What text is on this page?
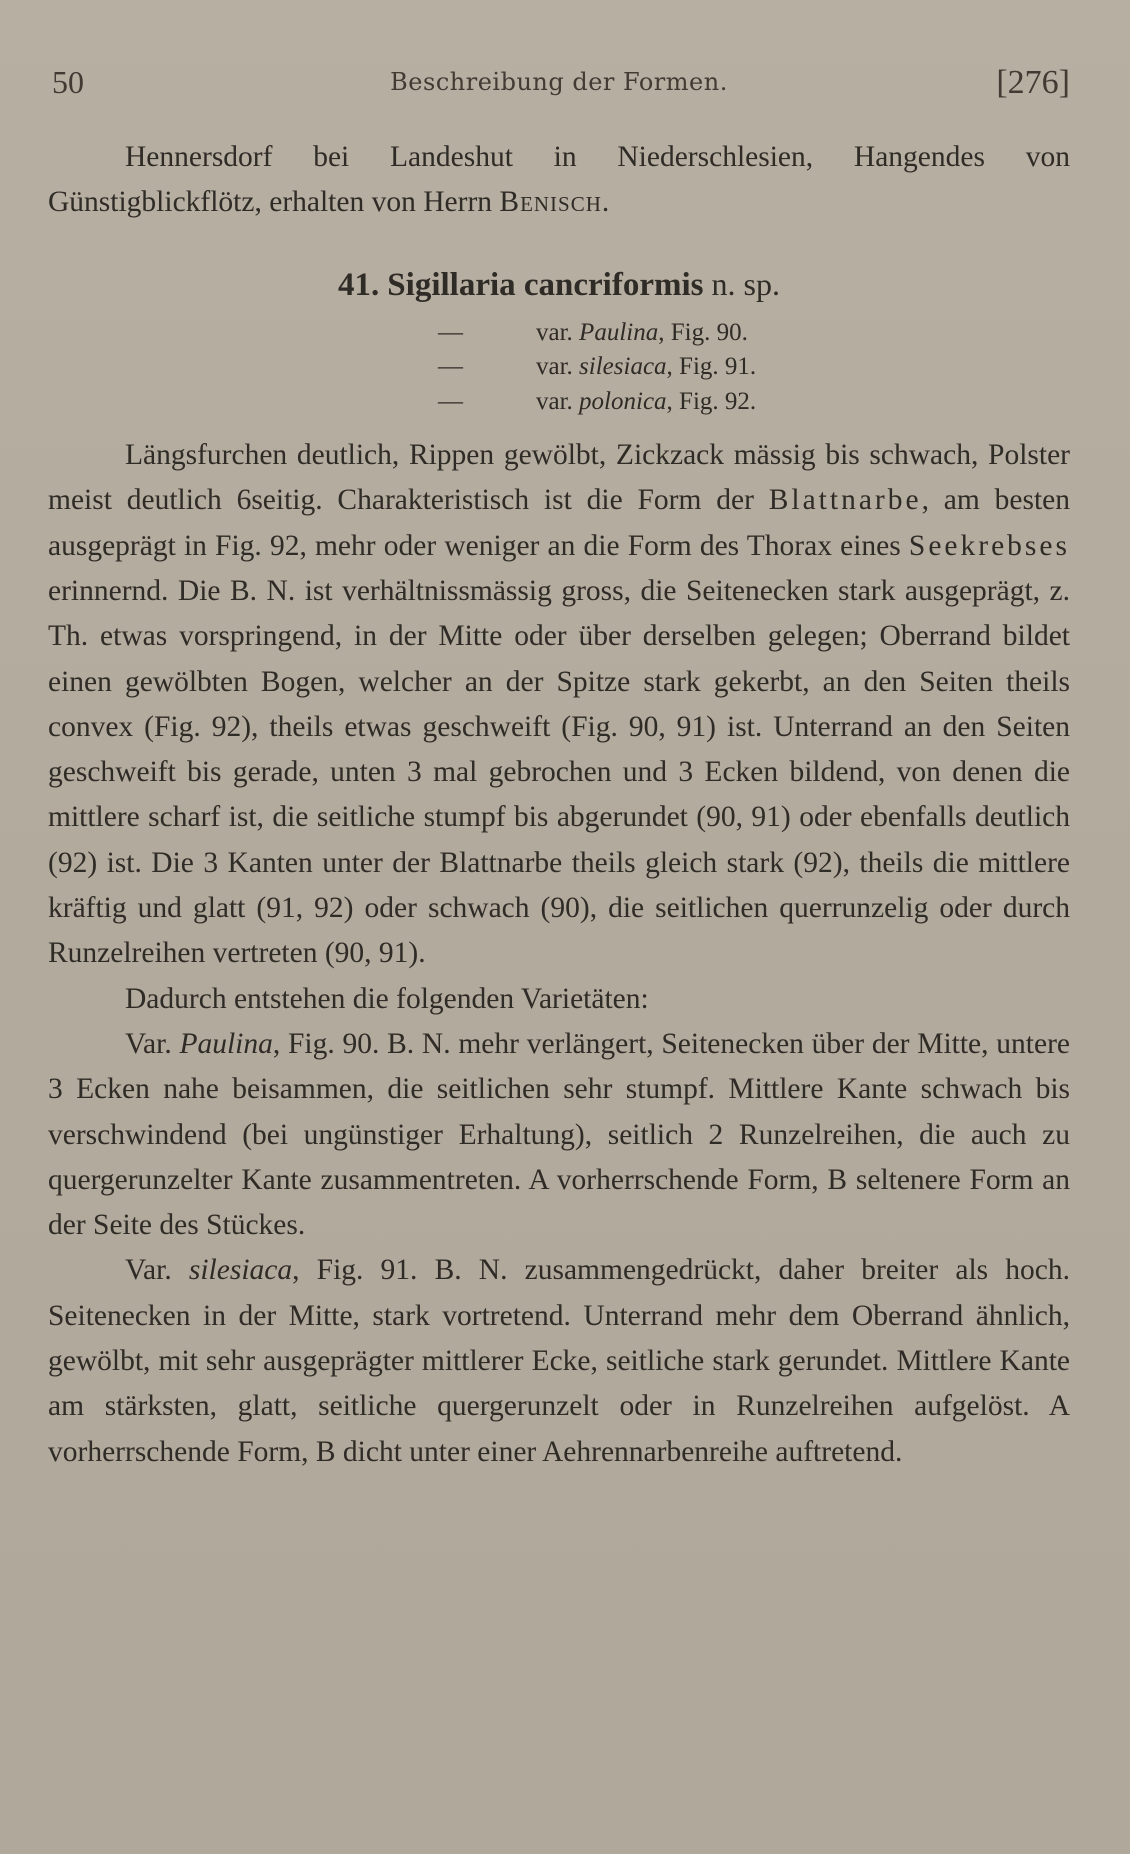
50	Beschreibung der Formen.	[276]

Hennersdorf bei Landeshut in Niederschlesien, Hangendes von Günstigblickflötz, erhalten von Herrn Benisch.

41. Sigillaria cancriformis n. sp.
—	var. Paulina, Fig. 90.
—	var. silesiaca, Fig. 91.
—	var. polonica, Fig. 92.

Längsfurchen deutlich, Rippen gewölbt, Zickzack mässig bis schwach, Polster meist deutlich 6seitig. Charakteristisch ist die Form der Blattnarbe, am besten ausgeprägt in Fig. 92, mehr oder weniger an die Form des Thorax eines Seekrebses erinnernd. Die B. N. ist verhältnissmässig gross, die Seitenecken stark ausgeprägt, z. Th. etwas vorspringend, in der Mitte oder über derselben gelegen; Oberrand bildet einen gewölbten Bogen, welcher an der Spitze stark gekerbt, an den Seiten theils convex (Fig. 92), theils etwas geschweift (Fig. 90, 91) ist. Unterrand an den Seiten geschweift bis gerade, unten 3 mal gebrochen und 3 Ecken bildend, von denen die mittlere scharf ist, die seitliche stumpf bis abgerundet (90, 91) oder ebenfalls deutlich (92) ist. Die 3 Kanten unter der Blattnarbe theils gleich stark (92), theils die mittlere kräftig und glatt (91, 92) oder schwach (90), die seitlichen querrunzelig oder durch Runzelreihen vertreten (90, 91).

Dadurch entstehen die folgenden Varietäten:

Var. Paulina, Fig. 90. B. N. mehr verlängert, Seitenecken über der Mitte, untere 3 Ecken nahe beisammen, die seitlichen sehr stumpf. Mittlere Kante schwach bis verschwindend (bei ungünstiger Erhaltung), seitlich 2 Runzelreihen, die auch zu quergerunzelter Kante zusammentreten. A vorherrschende Form, B seltenere Form an der Seite des Stückes.

Var. silesiaca, Fig. 91. B. N. zusammengedrückt, daher breiter als hoch. Seitenecken in der Mitte, stark vortretend. Unterrand mehr dem Oberrand ähnlich, gewölbt, mit sehr ausgeprägter mittlerer Ecke, seitliche stark gerundet. Mittlere Kante am stärksten, glatt, seitliche quergerunzelt oder in Runzelreihen aufgelöst. A vorherrschende Form, B dicht unter einer Aehrennarbenreihe auftretend.
